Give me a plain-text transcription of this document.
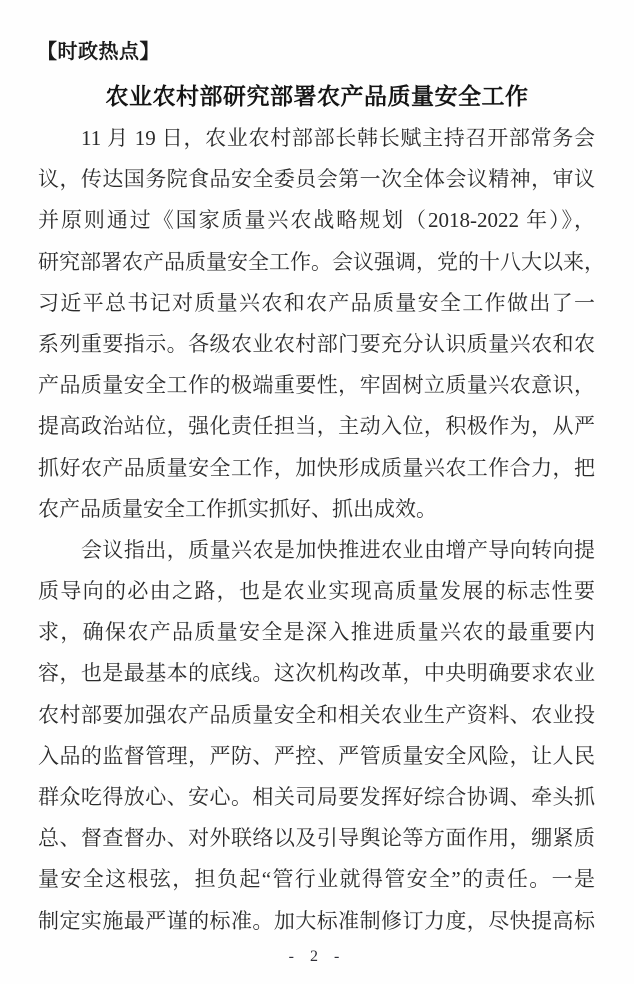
【时政热点】
农业农村部研究部署农产品质量安全工作
11 月 19 日，农业农村部部长韩长赋主持召开部常务会
议，传达国务院食品安全委员会第一次全体会议精神，审议
并原则通过《国家质量兴农战略规划（2018-2022 年）》，
研究部署农产品质量安全工作。会议强调，党的十八大以来，
习近平总书记对质量兴农和农产品质量安全工作做出了一
系列重要指示。各级农业农村部门要充分认识质量兴农和农
产品质量安全工作的极端重要性，牢固树立质量兴农意识，
提高政治站位，强化责任担当，主动入位，积极作为，从严
抓好农产品质量安全工作，加快形成质量兴农工作合力，把
农产品质量安全工作抓实抓好、抓出成效。
会议指出，质量兴农是加快推进农业由增产导向转向提
质导向的必由之路，也是农业实现高质量发展的标志性要
求，确保农产品质量安全是深入推进质量兴农的最重要内
容，也是最基本的底线。这次机构改革，中央明确要求农业
农村部要加强农产品质量安全和相关农业生产资料、农业投
入品的监督管理，严防、严控、严管质量安全风险，让人民
群众吃得放心、安心。相关司局要发挥好综合协调、牵头抓
总、督查督办、对外联络以及引导舆论等方面作用，绷紧质
量安全这根弦，担负起“管行业就得管安全”的责任。一是
制定实施最严谨的标准。加大标准制修订力度，尽快提高标
- 2 -
